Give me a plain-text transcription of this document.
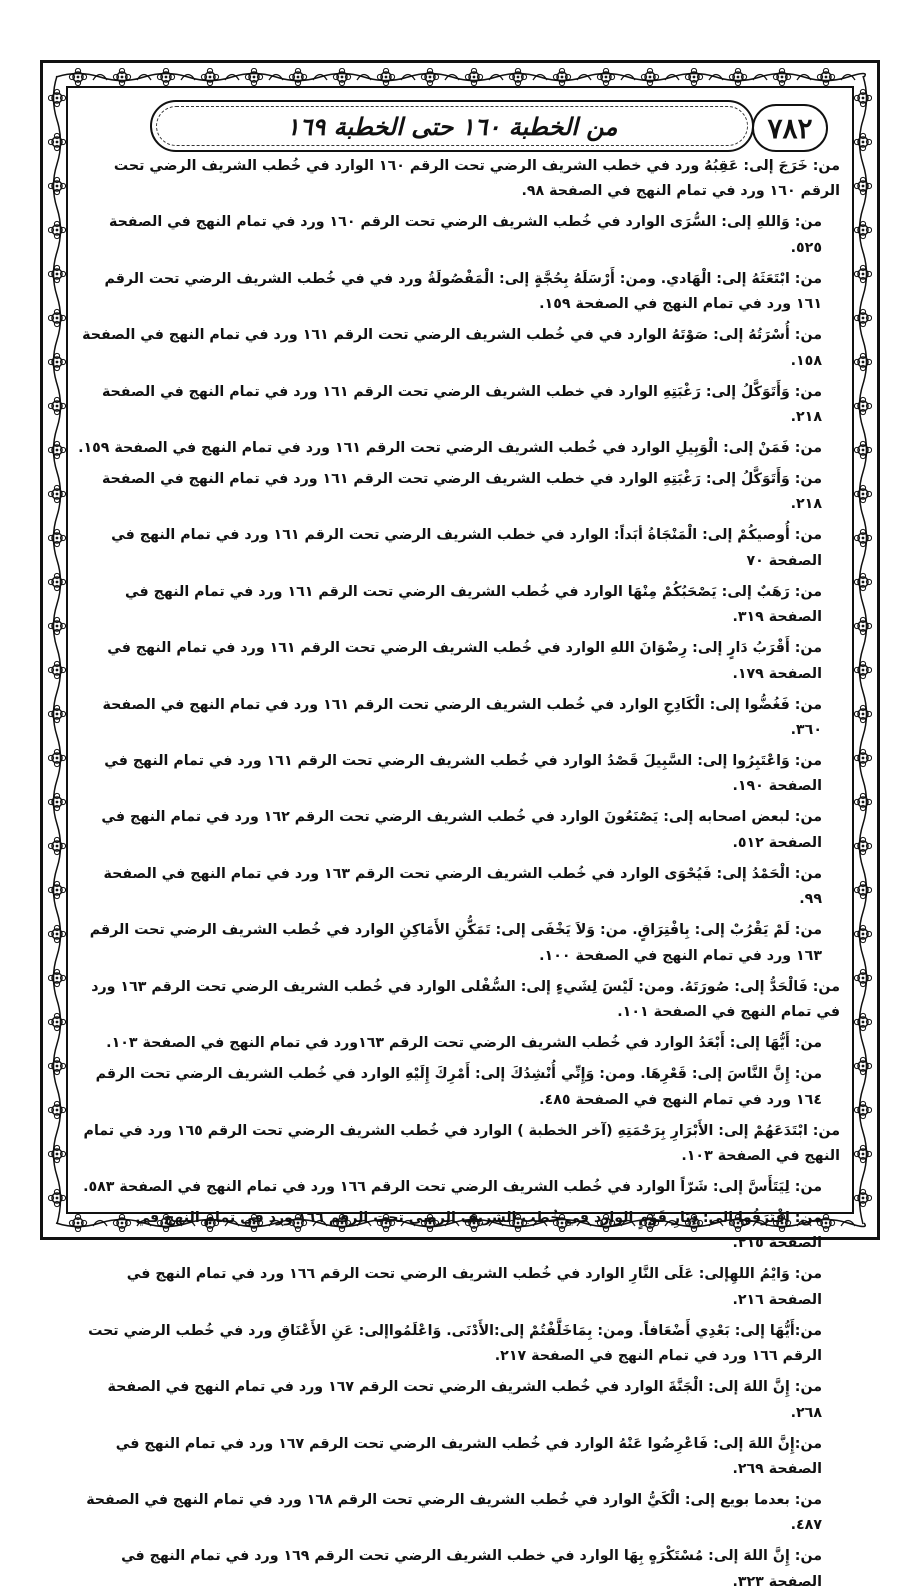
٧٨٢
من الخطبة ١٦٠ حتى الخطبة ١٦٩

من: خَرَجَ إلى: عَقِبُهُ ورد في خطب الشريف الرضي تحت الرقم ١٦٠ الوارد في خُطب الشريف الرضي تحت الرقم ١٦٠ ورد في تمام النهج في الصفحة ٩٨.

من: وَاللهِ إلى: السُّرَى الوارد في خُطب الشريف الرضي تحت الرقم ١٦٠ ورد في تمام النهج في الصفحة ٥٢٥.

من: ابْتَعَثَهُ إلى: الْهَادي. ومن: أَرْسَلَهُ بِحُجَّةٍ إلى: الْمَفْصُولَةُ ورد في في خُطب الشريف الرضي تحت الرقم ١٦١ ورد في تمام النهج في الصفحة ١٥٩.

من: أُسْرَتُهُ إلى: صَوْتَهُ الوارد في في خُطب الشريف الرضي تحت الرقم ١٦١ ورد في تمام النهج في الصفحة ١٥٨.

من: وَأَتَوَكَّلُ إلى: رَغْبَتِهِ الوارد في خطب الشريف الرضي تحت الرقم ١٦١ ورد في تمام النهج في الصفحة ٢١٨.

من: فَمَنْ إلى: الْوَبِيلِ الوارد في خُطب الشريف الرضي تحت الرقم ١٦١ ورد في تمام النهج في الصفحة ١٥٩.

من: وَأَتَوَكَّلُ إلى: رَغْبَتِهِ الوارد في خطب الشريف الرضي تحت الرقم ١٦١ ورد في تمام النهج في الصفحة ٢١٨.

من: أُوصيكُمْ إلى: الْمَنْجَاةُ أبَداً: الوارد في خطب الشريف الرضي تحت الرقم ١٦١ ورد في تمام النهج في الصفحة ٧٠

من: رَهَبٌ إلى: يَصْحَبُكُمْ مِنْهَا الوارد في خُطب الشريف الرضي تحت الرقم ١٦١ ورد في تمام النهج في الصفحة ٣١٩.

من: أَقْرَبُ دَارٍ إلى: رِضْوَانَ اللهِ الوارد في خُطب الشريف الرضي تحت الرقم ١٦١ ورد في تمام النهج في الصفحة ١٧٩.

من: فَغُضُّوا إلى: الْكَادِحِ الوارد في خُطب الشريف الرضي تحت الرقم ١٦١ ورد في تمام النهج في الصفحة ٣٦٠.

من: وَاعْتَبِرُوا إلى: السَّبِيلَ قَصْدُ الوارد في خُطب الشريف الرضي تحت الرقم ١٦١ ورد في تمام النهج في الصفحة ١٩٠.

من: لبعض اصحابه إلى: يَصْنَعُونَ الوارد في خُطب الشريف الرضي تحت الرقم ١٦٢ ورد في تمام النهج في الصفحة ٥١٢.

من: الْحَمْدُ إلى: فَيُحْوَى الوارد في خُطب الشريف الرضي تحت الرقم ١٦٣ ورد في تمام النهج في الصفحة ٩٩.

من: لَمْ يَقْرُبْ إلى: بِافْتِرَاقٍ. من: وَلاَ يَخْفَى إلى: تَمَكُّنِ الأَمَاكِنِ الوارد في خُطب الشريف الرضي تحت الرقم ١٦٣ ورد في تمام النهج في الصفحة ١٠٠.

من: فَالْحَدُّ إلى: صُورَتَهُ. ومن: لَيْسَ لِشَيءٍ إلى: السُّفْلى الوارد في خُطب الشريف الرضي تحت الرقم ١٦٣ ورد في تمام النهج في الصفحة ١٠١.

من: أَيُّهَا إلى: أَبْعَدُ الوارد في خُطب الشريف الرضي تحت الرقم ١٦٣ورد في تمام النهج في الصفحة ١٠٣.

من: إِنَّ النَّاسَ إلى: قَعْرِهَا. ومن: وَإِنِّي أُنْشِدُكَ إلى: أَمْرِكَ إِلَيْهِ الوارد في خُطب الشريف الرضي تحت الرقم ١٦٤ ورد في تمام النهج في الصفحة ٤٨٥.

من: ابْتَدَعَهُمْ إلى: الأَبْرَارِ بِرَحْمَتِهِ (آخر الخطبة ) الوارد في خُطب الشريف الرضي تحت الرقم ١٦٥ ورد في تمام النهج في الصفحة ١٠٣.

من: لِيَتَأَسَّ إلى: شَرّاً الوارد في خُطب الشريف الرضي تحت الرقم ١٦٦ ورد في تمام النهج في الصفحة ٥٨٣.

من: افْتَرَقُوا إلى: دِيَارِ قَوْمٍ الوارد في خُطب الشريف الرضي تحت الرقم ١٦٦ ورد في تمام النهج في الصفحة ٢١٥.

من: وَايْمُ اللهِإلى: عَلَى النَّارِ الوارد في خُطب الشريف الرضي تحت الرقم ١٦٦ ورد في تمام النهج في الصفحة ٢١٦.

من:أَيُّهَا إلى: بَعْدِي أَضْعَافاً. ومن: بِمَاخَلَّفْتُمْ إلى:الأَدْنَى. وَاعْلَمُواإلى: عَنِ الأَعْنَاقِ ورد في خُطب الرضي تحت الرقم ١٦٦ ورد في تمام النهج في الصفحة ٢١٧.

من: إِنَّ اللهَ إلى: الْجَنَّةَ الوارد في خُطب الشريف الرضي تحت الرقم ١٦٧ ورد في تمام النهج في الصفحة ٢٦٨.

من:إِنَّ اللهَ إلى: فَاعْرِضُوا عَنْهُ الوارد في خُطب الشريف الرضي تحت الرقم ١٦٧ ورد في تمام النهج في الصفحة ٢٦٩.

من: بعدما بويع إلى: الْكَيُّ الوارد في خُطب الشريف الرضي تحت الرقم ١٦٨ ورد في تمام النهج في الصفحة ٤٨٧.

من: إِنَّ اللهَ إلى: مُسْتَكْرَهٍ بِهَا الوارد في خطب الشريف الرضي تحت الرقم ١٦٩ ورد في تمام النهج في الصفحة ٣٢٣.
